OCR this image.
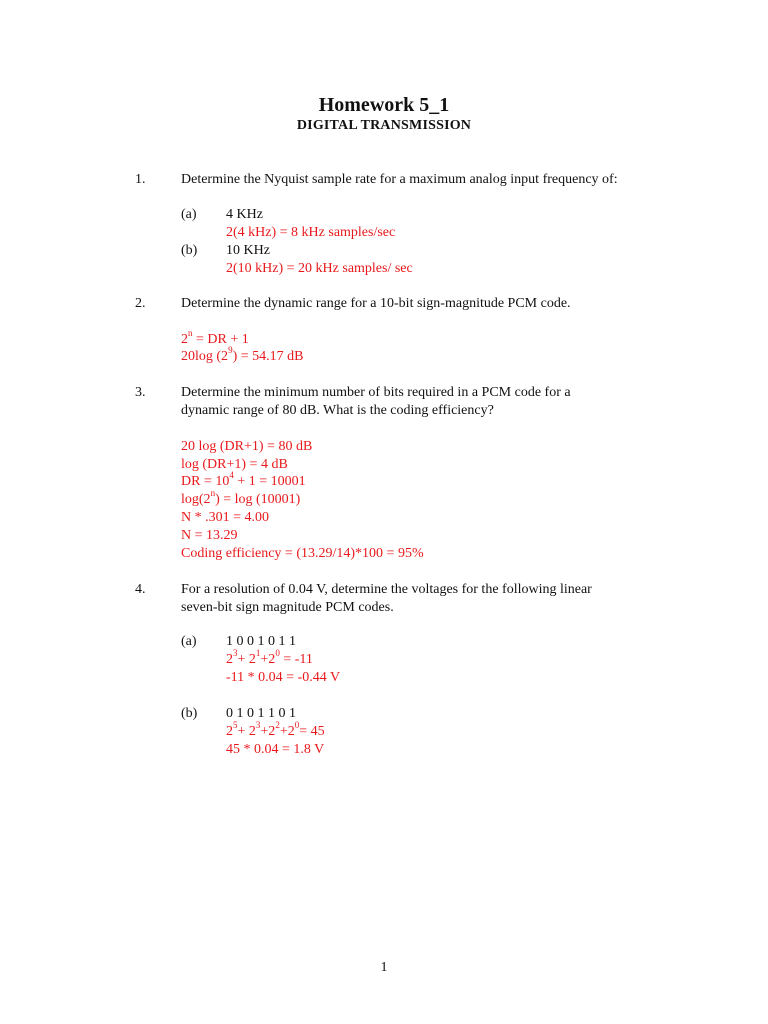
Homework 5_1
DIGITAL TRANSMISSION
1.	Determine the Nyquist sample rate for a maximum analog input frequency of:
(a) 4 KHz
2(4 kHz) = 8 kHz samples/sec
(b) 10 KHz
2(10 kHz) = 20 kHz samples/ sec
2.	Determine the dynamic range for a 10-bit sign-magnitude PCM code.
$2^n$ = DR + 1
20log $(2^9) = 54.17$ dB
3.	Determine the minimum number of bits required in a PCM code for a
dynamic range of 80 dB. What is the coding efficiency?
20 log (DR+1) = 80 dB
log (DR+1) = 4 dB
DR = $10^4 + 1 = 10001$
$\log(2^n) = \log (10001)$
N * .301 = 4.00
N = 13.29
Coding efficiency = (13.29/14)*100 = 95%
4.	For a resolution of 0.04 V, determine the voltages for the following linear
seven-bit sign magnitude PCM codes.
(a) 1 0 0 1 0 1 1
$2^3+ 2^1+2^0 = -11$
-11 * 0.04 = -0.44 V
(b) 0 1 0 1 1 0 1
$2^5+ 2^3+2^2+2^0= 45$
45 * 0.04 = 1.8 V
1
